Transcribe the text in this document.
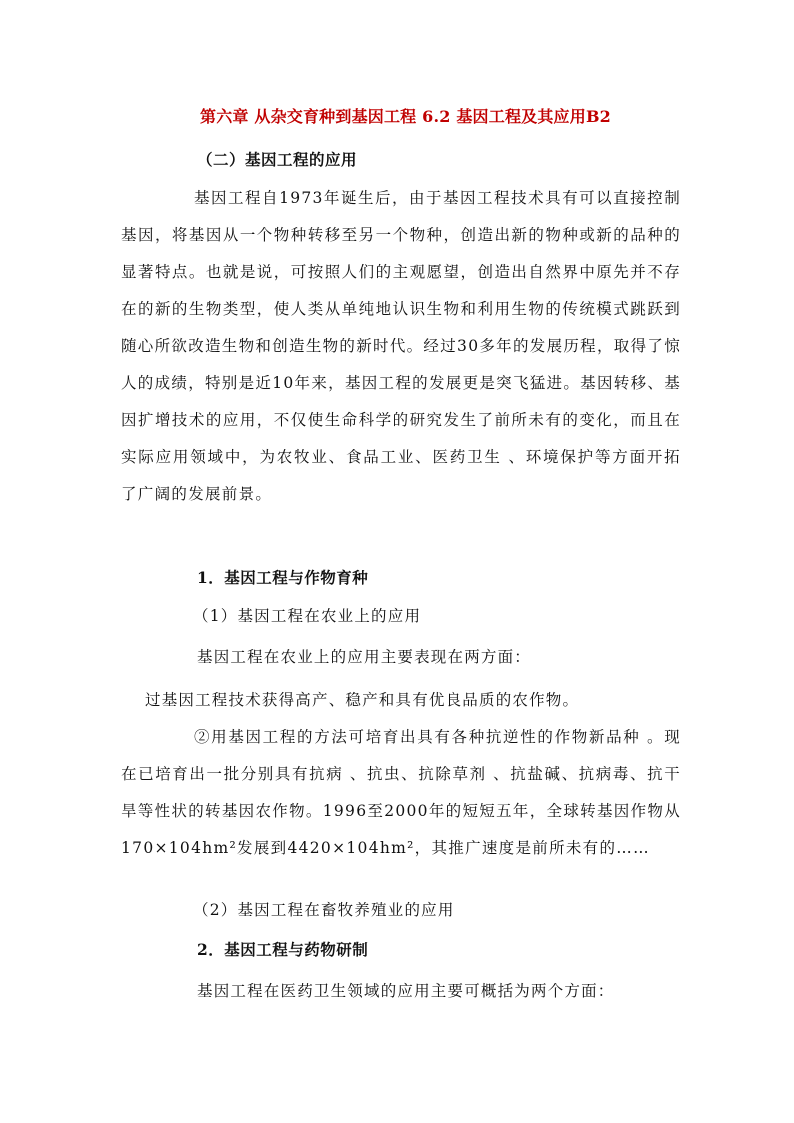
第六章 从杂交育种到基因工程 6.2 基因工程及其应用B2
（二）基因工程的应用
基因工程自1973年诞生后，由于基因工程技术具有可以直接控制基因，将基因从一个物种转移至另一个物种，创造出新的物种或新的品种的显著特点。也就是说，可按照人们的主观愿望，创造出自然界中原先并不存在的新的生物类型，使人类从单纯地认识生物和利用生物的传统模式跳跃到随心所欲改造生物和创造生物的新时代。经过30多年的发展历程，取得了惊人的成绩，特别是近10年来，基因工程的发展更是突飞猛进。基因转移、基因扩增技术的应用，不仅使生命科学的研究发生了前所未有的变化，而且在实际应用领域中，为农牧业、食品工业、医药卫生 、环境保护等方面开拓了广阔的发展前景。
1．基因工程与作物育种
（1）基因工程在农业上的应用
基因工程在农业上的应用主要表现在两方面：
过基因工程技术获得高产、稳产和具有优良品质的农作物。
②用基因工程的方法可培育出具有各种抗逆性的作物新品种 。现在已培育出一批分别具有抗病 、抗虫、抗除草剂 、抗盐碱、抗病毒、抗干旱等性状的转基因农作物。1996至2000年的短短五年，全球转基因作物从170×104hm²发展到4420×104hm²，其推广速度是前所未有的……
（2）基因工程在畜牧养殖业的应用
2．基因工程与药物研制
基因工程在医药卫生领域的应用主要可概括为两个方面：
